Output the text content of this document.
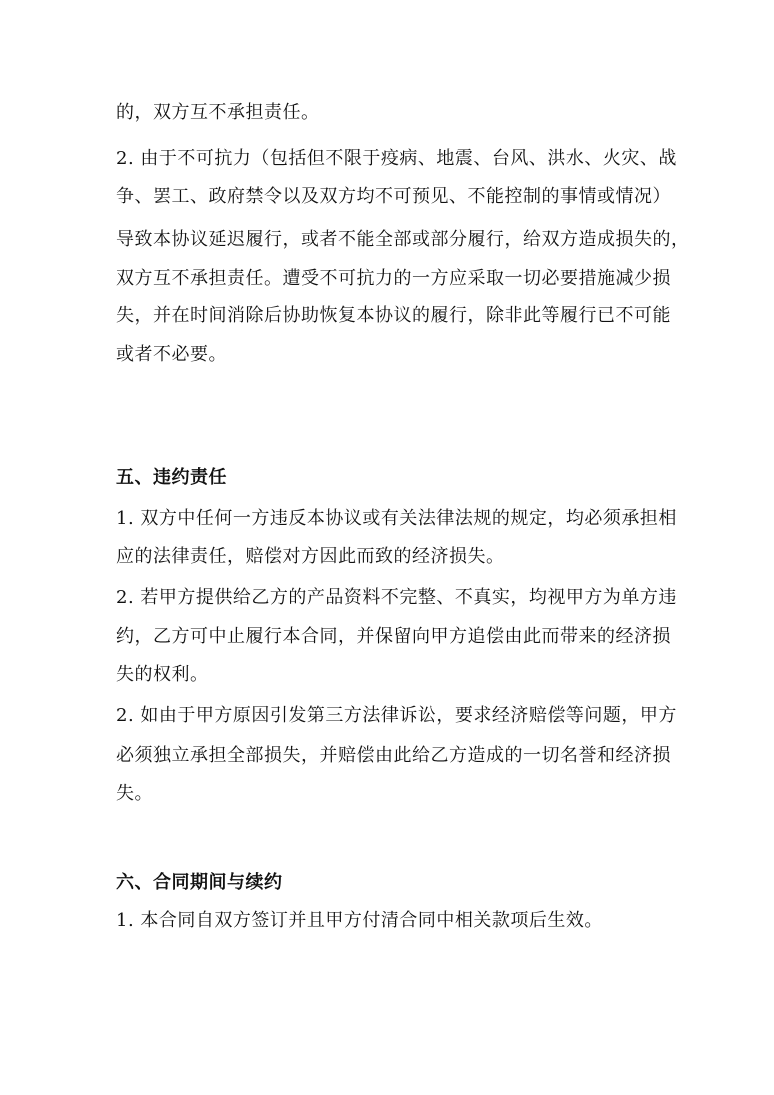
的，双方互不承担责任。
2. 由于不可抗力（包括但不限于疫病、地震、台风、洪水、火灾、战
争、罢工、政府禁令以及双方均不可预见、不能控制的事情或情况）
导致本协议延迟履行，或者不能全部或部分履行，给双方造成损失的，
双方互不承担责任。遭受不可抗力的一方应采取一切必要措施减少损
失，并在时间消除后协助恢复本协议的履行，除非此等履行已不可能
或者不必要。
五、违约责任
1. 双方中任何一方违反本协议或有关法律法规的规定，均必须承担相
应的法律责任，赔偿对方因此而致的经济损失。
2. 若甲方提供给乙方的产品资料不完整、不真实，均视甲方为单方违
约，乙方可中止履行本合同，并保留向甲方追偿由此而带来的经济损
失的权利。
2. 如由于甲方原因引发第三方法律诉讼，要求经济赔偿等问题，甲方
必须独立承担全部损失，并赔偿由此给乙方造成的一切名誉和经济损
失。
六、合同期间与续约
1. 本合同自双方签订并且甲方付清合同中相关款项后生效。
